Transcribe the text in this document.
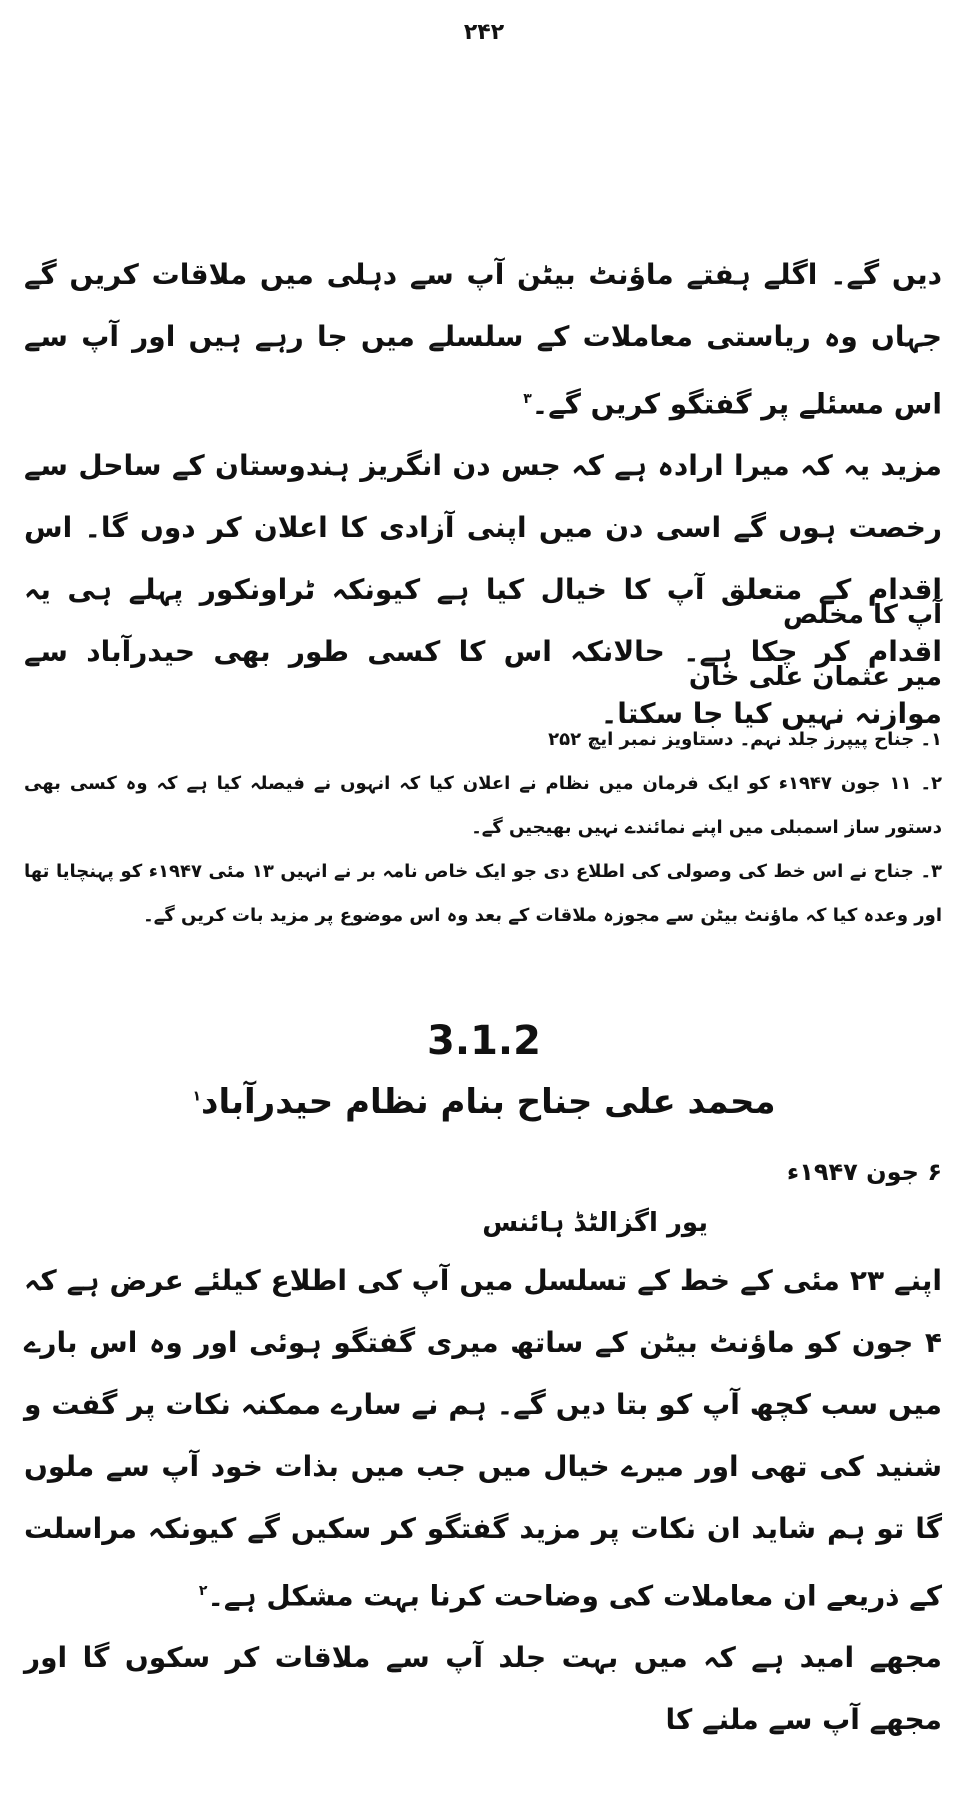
۲۴۲

دیں گے۔ اگلے ہفتے ماؤنٹ بیٹن آپ سے دہلی میں ملاقات کریں گے جہاں وہ ریاستی معاملات کے سلسلے میں جا رہے ہیں اور آپ سے اس مسئلے پر گفتگو کریں گے۔$^۳$

مزید یہ کہ میرا ارادہ ہے کہ جس دن انگریز ہندوستان کے ساحل سے رخصت ہوں گے اسی دن میں اپنی آزادی کا اعلان کر دوں گا۔ اس اقدام کے متعلق آپ کا خیال کیا ہے کیونکہ ٹراونکور پہلے ہی یہ اقدام کر چکا ہے۔ حالانکہ اس کا کسی طور بھی حیدرآباد سے موازنہ نہیں کیا جا سکتا۔

آپ کا مخلص
میر عثمان علی خان

۱۔ جناح پیپرز جلد نہم۔ دستاویز نمبر ایچ ۲۵۲

۲۔ ۱۱ جون ۱۹۴۷ء کو ایک فرمان میں نظام نے اعلان کیا کہ انہوں نے فیصلہ کیا ہے کہ وہ کسی بھی دستور ساز اسمبلی میں اپنے نمائندے نہیں بھیجیں گے۔

۳۔ جناح نے اس خط کی وصولی کی اطلاع دی جو ایک خاص نامہ بر نے انہیں ۱۳ مئی ۱۹۴۷ء کو پہنچایا تھا اور وعدہ کیا کہ ماؤنٹ بیٹن سے مجوزہ ملاقات کے بعد وہ اس موضوع پر مزید بات کریں گے۔

3.1.2
محمد علی جناح بنام نظام حیدرآباد$^۱$
۶ جون ۱۹۴۷ء
یور اگزالٹڈ ہائنس

اپنے ۲۳ مئی کے خط کے تسلسل میں آپ کی اطلاع کیلئے عرض ہے کہ ۴ جون کو ماؤنٹ بیٹن کے ساتھ میری گفتگو ہوئی اور وہ اس بارے میں سب کچھ آپ کو بتا دیں گے۔ ہم نے سارے ممکنہ نکات پر گفت و شنید کی تھی اور میرے خیال میں جب میں بذات خود آپ سے ملوں گا تو ہم شاید ان نکات پر مزید گفتگو کر سکیں گے کیونکہ مراسلت کے ذریعے ان معاملات کی وضاحت کرنا بہت مشکل ہے۔$^۲$

مجھے امید ہے کہ میں بہت جلد آپ سے ملاقات کر سکوں گا اور مجھے آپ سے ملنے کا
